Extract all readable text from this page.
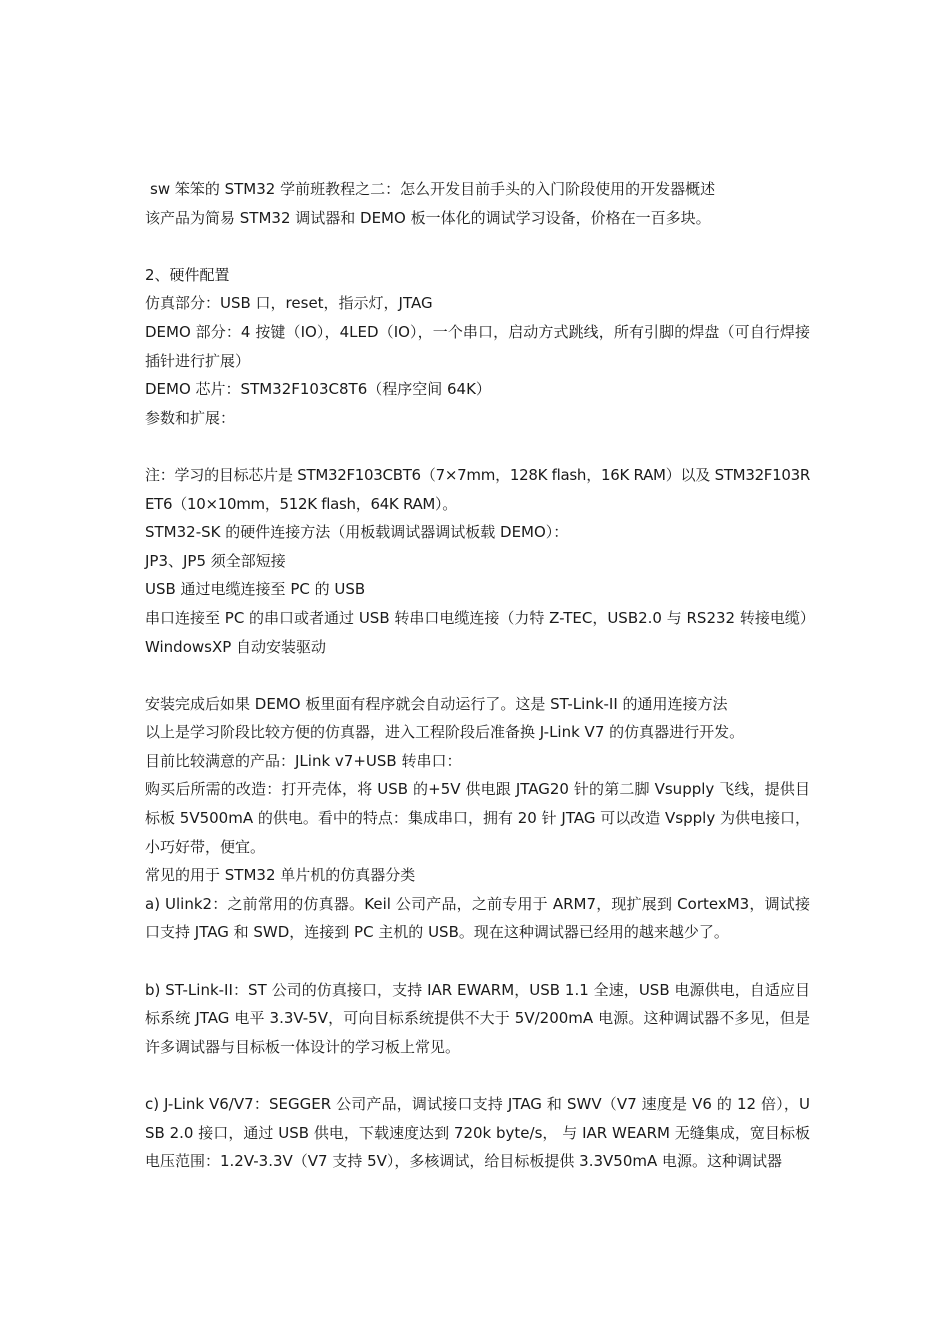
sw 笨笨的 STM32 学前班教程之二：怎么开发目前手头的入门阶段使用的开发器概述
该产品为简易 STM32 调试器和 DEMO 板一体化的调试学习设备，价格在一百多块。
2、硬件配置
仿真部分：USB 口，reset，指示灯，JTAG
DEMO 部分：4 按键（IO），4LED（IO），一个串口，启动方式跳线，所有引脚的焊盘（可自行焊接插针进行扩展）
DEMO 芯片：STM32F103C8T6（程序空间 64K）
参数和扩展：
注：学习的目标芯片是 STM32F103CBT6（7×7mm，128K flash，16K RAM）以及 STM32F103RET6（10×10mm，512K flash，64K RAM）。
STM32-SK 的硬件连接方法（用板载调试器调试板载 DEMO）：
JP3、JP5 须全部短接
USB 通过电缆连接至 PC 的 USB
串口连接至 PC 的串口或者通过 USB 转串口电缆连接（力特 Z-TEC，USB2.0 与 RS232 转接电缆）
WindowsXP 自动安装驱动
安装完成后如果 DEMO 板里面有程序就会自动运行了。这是 ST-Link-II 的通用连接方法
以上是学习阶段比较方便的仿真器，进入工程阶段后准备换 J-Link V7 的仿真器进行开发。
目前比较满意的产品：JLink v7+USB 转串口：
购买后所需的改造：打开壳体，将 USB 的+5V 供电跟 JTAG20 针的第二脚 Vsupply 飞线，提供目标板 5V500mA 的供电。看中的特点：集成串口，拥有 20 针 JTAG 可以改造 Vspply 为供电接口，小巧好带，便宜。
常见的用于 STM32 单片机的仿真器分类
a) Ulink2：之前常用的仿真器。Keil 公司产品，之前专用于 ARM7，现扩展到 CortexM3，调试接口支持 JTAG 和 SWD，连接到 PC 主机的 USB。现在这种调试器已经用的越来越少了。
b) ST-Link-II：ST 公司的仿真接口，支持 IAR EWARM，USB 1.1 全速，USB 电源供电，自适应目标系统 JTAG 电平 3.3V-5V，可向目标系统提供不大于 5V/200mA 电源。这种调试器不多见，但是许多调试器与目标板一体设计的学习板上常见。
c) J-Link V6/V7：SEGGER 公司产品，调试接口支持 JTAG 和 SWV（V7 速度是 V6 的 12 倍），USB 2.0 接口，通过 USB 供电，下载速度达到 720k byte/s， 与 IAR WEARM 无缝集成，宽目标板电压范围：1.2V-3.3V（V7 支持 5V），多核调试，给目标板提供 3.3V50mA 电源。这种调试器
